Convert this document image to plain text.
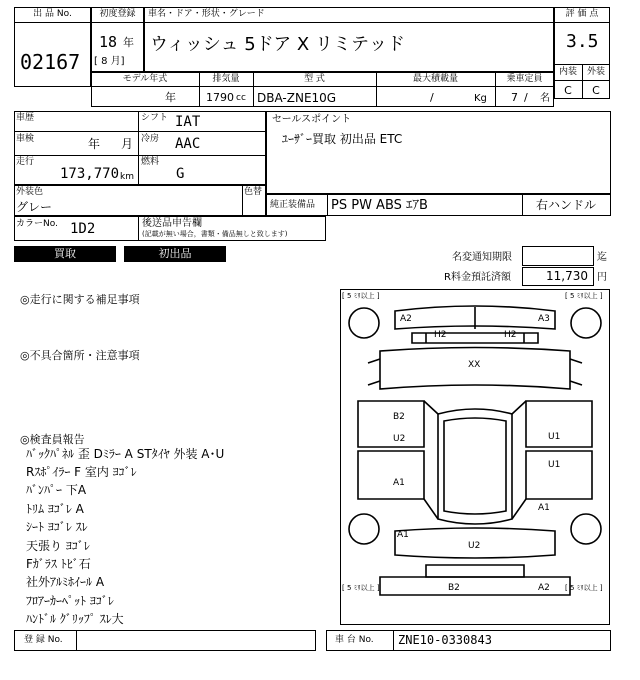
出 品 No.
02167
初度登録
18 年
[ 8 月]
車名・ドア・形状・グレード
ウィッシュ 5ドア X リミテッド
評 価 点
3.5
内装	外装
C	C
モデル年式
年
排気量
1790 cc
型 式
DBA-ZNE10G
最大積載量
/	Kg
乗車定員
7 / 名
車歴	シフト IAT
車検	年 月 冷房 AAC
走行
173,770 km
燃料
G
セールスポイント
ﾕｰｻﾞｰ買取 初出品 ETC
外装色
グレー
色替
純正装備品 PS PW ABS ｴｱB	右ハンドル
カラーNo. 1D2	後送品申告欄
(記載が無い場合，書類・備品無しと致します)
買取	初出品	名変通知期限	迄
R料金預託済額	11,730 円
◎走行に関する補足事項
◎不具合箇所・注意事項
◎検査員報告
ﾊﾞｯｸﾊﾟﾈﾙ 歪 Dﾐﾗｰ A STﾀｲﾔ 外装 A･U
Rｽﾎﾟｲﾗｰ F 室内 ﾖｺﾞﾚ
ﾊﾞﾝﾊﾟｰ 下A
ﾄﾘﾑ ﾖｺﾞﾚ A
ｼｰﾄ ﾖｺﾞﾚ ｽﾚ
天張り ﾖｺﾞﾚ
Fｶﾞﾗｽ ﾄﾋﾞ石
社外ｱﾙﾐﾎｲｰﾙ A
ﾌﾛｱｰｶｰﾍﾟｯﾄ ﾖｺﾞﾚ
ﾊﾝﾄﾞﾙ ｸﾞﾘｯﾌﾟ ｽﾚ大
[ 5 ﾐﾘ以上 ]	[ 5 ﾐﾘ以上 ]
[ 5 ﾐﾘ以上 ]	[ 5 ﾐﾘ以上 ]
A2	A3
H2	H2
XX
B2
U2	U1
U1
A1
A1
A1
U2
B2	A2
登 録 No.	車 台 No. ZNE10-0330843
